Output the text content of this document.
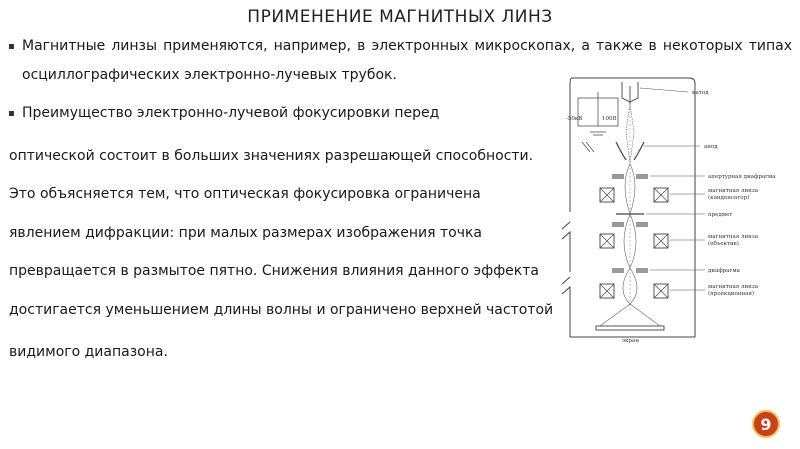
ПРИМЕНЕНИЕ МАГНИТНЫХ ЛИНЗ
Магнитные линзы применяются, например, в электронных микроскопах, а также в некоторых типах осциллографических электронно-лучевых трубок.
Преимущество электронно-лучевой фокусировки перед
оптической состоит в больших значениях разрешающей способности.
Это объясняется тем, что оптическая фокусировка ограничена
явлением дифракции: при малых размерах изображения точка
превращается в размытое пятно. Снижения влияния данного эффекта
достигается уменьшением длины волны и ограничено верхней частотой
видимого диапазона.
-50кВ	100В
катод
анод
апертурная диафрагма
магнитная линза
(конденсатор)
предмет
магнитная линза
(объектив)
диафрагма
магнитная линза
(проекционная)
экран
9
